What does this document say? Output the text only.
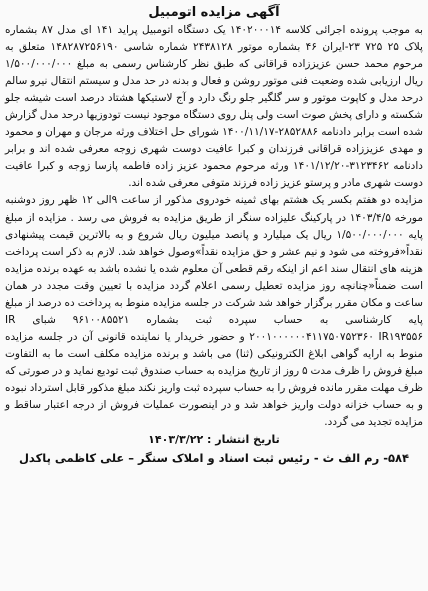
آگهی مزایده اتومبیل

به موجب پرونده اجرائی کلاسه ۱۴۰۲۰۰۰۱۴ یک دستگاه اتومبیل پراید ۱۴۱ ای مدل ۸۷ بشماره پلاک ۲۵ ۷۲۵ ۲۳-ایران ۴۶ بشماره موتور ۲۴۳۸۱۲۸ شماره شاسی ۱۴۸۲۸۷۲۵۶۱۹۰ متعلق به مرحوم محمد حسن عزیززاده قراقانی که طبق نظر کارشناس رسمی به مبلغ ۱/۵۰۰/۰۰۰/۰۰۰ ریال ارزیابی شده وضعیت فنی موتور روشن و فعال و بدنه در حد مدل و سیستم انتقال نیرو سالم درحد مدل و کاپوت موتور و سر گلگیر جلو رنگ دارد و آج لاستیکها هشتاد درصد است شیشه جلو شکسته و دارای پخش صوت است ولی پنل روی دستگاه موجود نیست تودوزیها درحد مدل گزارش شده است برابر دادنامه ۲۸۵۲۸۸۶-۱۴۰۰/۱۱/۱۷ شورای حل اختلاف ورثه مرجان و مهران و محمود و مهدی عزیززاده قراقانی فرزندان و کبرا عافیت دوست شهری زوجه معرفی شده اند و برابر دادنامه ۳۱۲۳۴۶۲-۱۴۰۱/۱۲/۲۰ ورثه مرحوم محمود عزیز زاده فاطمه پازسا زوجه و کبرا عافیت دوست شهری مادر و پرستو عزیز زاده فرزند متوفی معرفی شده اند.

مزایده دو هفتم بکسر یک هشتم بهای ثمینه خودروی مذکور از ساعت ۹الی ۱۲ ظهر روز دوشنبه مورخه ۱۴۰۳/۴/۵ در پارکینگ علیزاده سنگر از طریق مزایده به فروش می رسد . مزایده از مبلغ پایه ۱/۵۰۰/۰۰۰/۰۰۰ ریال یک میلیارد و پانصد میلیون ریال شروع و به بالاترین قیمت پیشنهادی نقداً«فروخته می شود و نیم عشر و حق مزایده نقداً»وصول خواهد شد. لازم به ذکر است پرداخت هزینه های انتقال سند اعم از اینکه رقم قطعی آن معلوم شده یا نشده باشد به عهده برنده مزایده است ضمناً«چنانچه روز مزایده تعطیل رسمی اعلام گردد مزایده با تعیین وقت مجدد در همان ساعت و مکان مقرر برگزار خواهد شد شرکت در جلسه مزایده منوط به پرداخت ده درصد از مبلغ پایه کارشناسی به حساب سپرده ثبت بشماره ۹۶۱۰۰۸۵۵۲۱ شبای IR ۲۰۰۱۰۰۰۰۰۰۴۱۱۷۵۰۷۵۲۳۶۰ IR۱۹۳۵۵۶ و حضور خریدار یا نماینده قانونی آن در جلسه مزایده منوط به ارایه گواهی ابلاغ الکترونیکی (ثنا) می باشد و برنده مزایده مکلف است ما به التفاوت مبلغ فروش را ظرف مدت ۵ روز از تاریخ مزایده به حساب صندوق ثبت تودیع نماید و در صورتی که ظرف مهلت مقرر مانده فروش را به حساب سپرده ثبت واریز نکند مبلغ مذکور قابل استرداد نبوده و به حساب خزانه دولت واریز خواهد شد و در اینصورت عملیات فروش از درجه اعتبار ساقط و مزایده تجدید می گردد.

تاریخ انتشار : ۱۴۰۳/۳/۲۲
۵۸۴- رم الف ث - رئیس ثبت اسناد و املاک سنگر – علی کاظمی پاکدل
